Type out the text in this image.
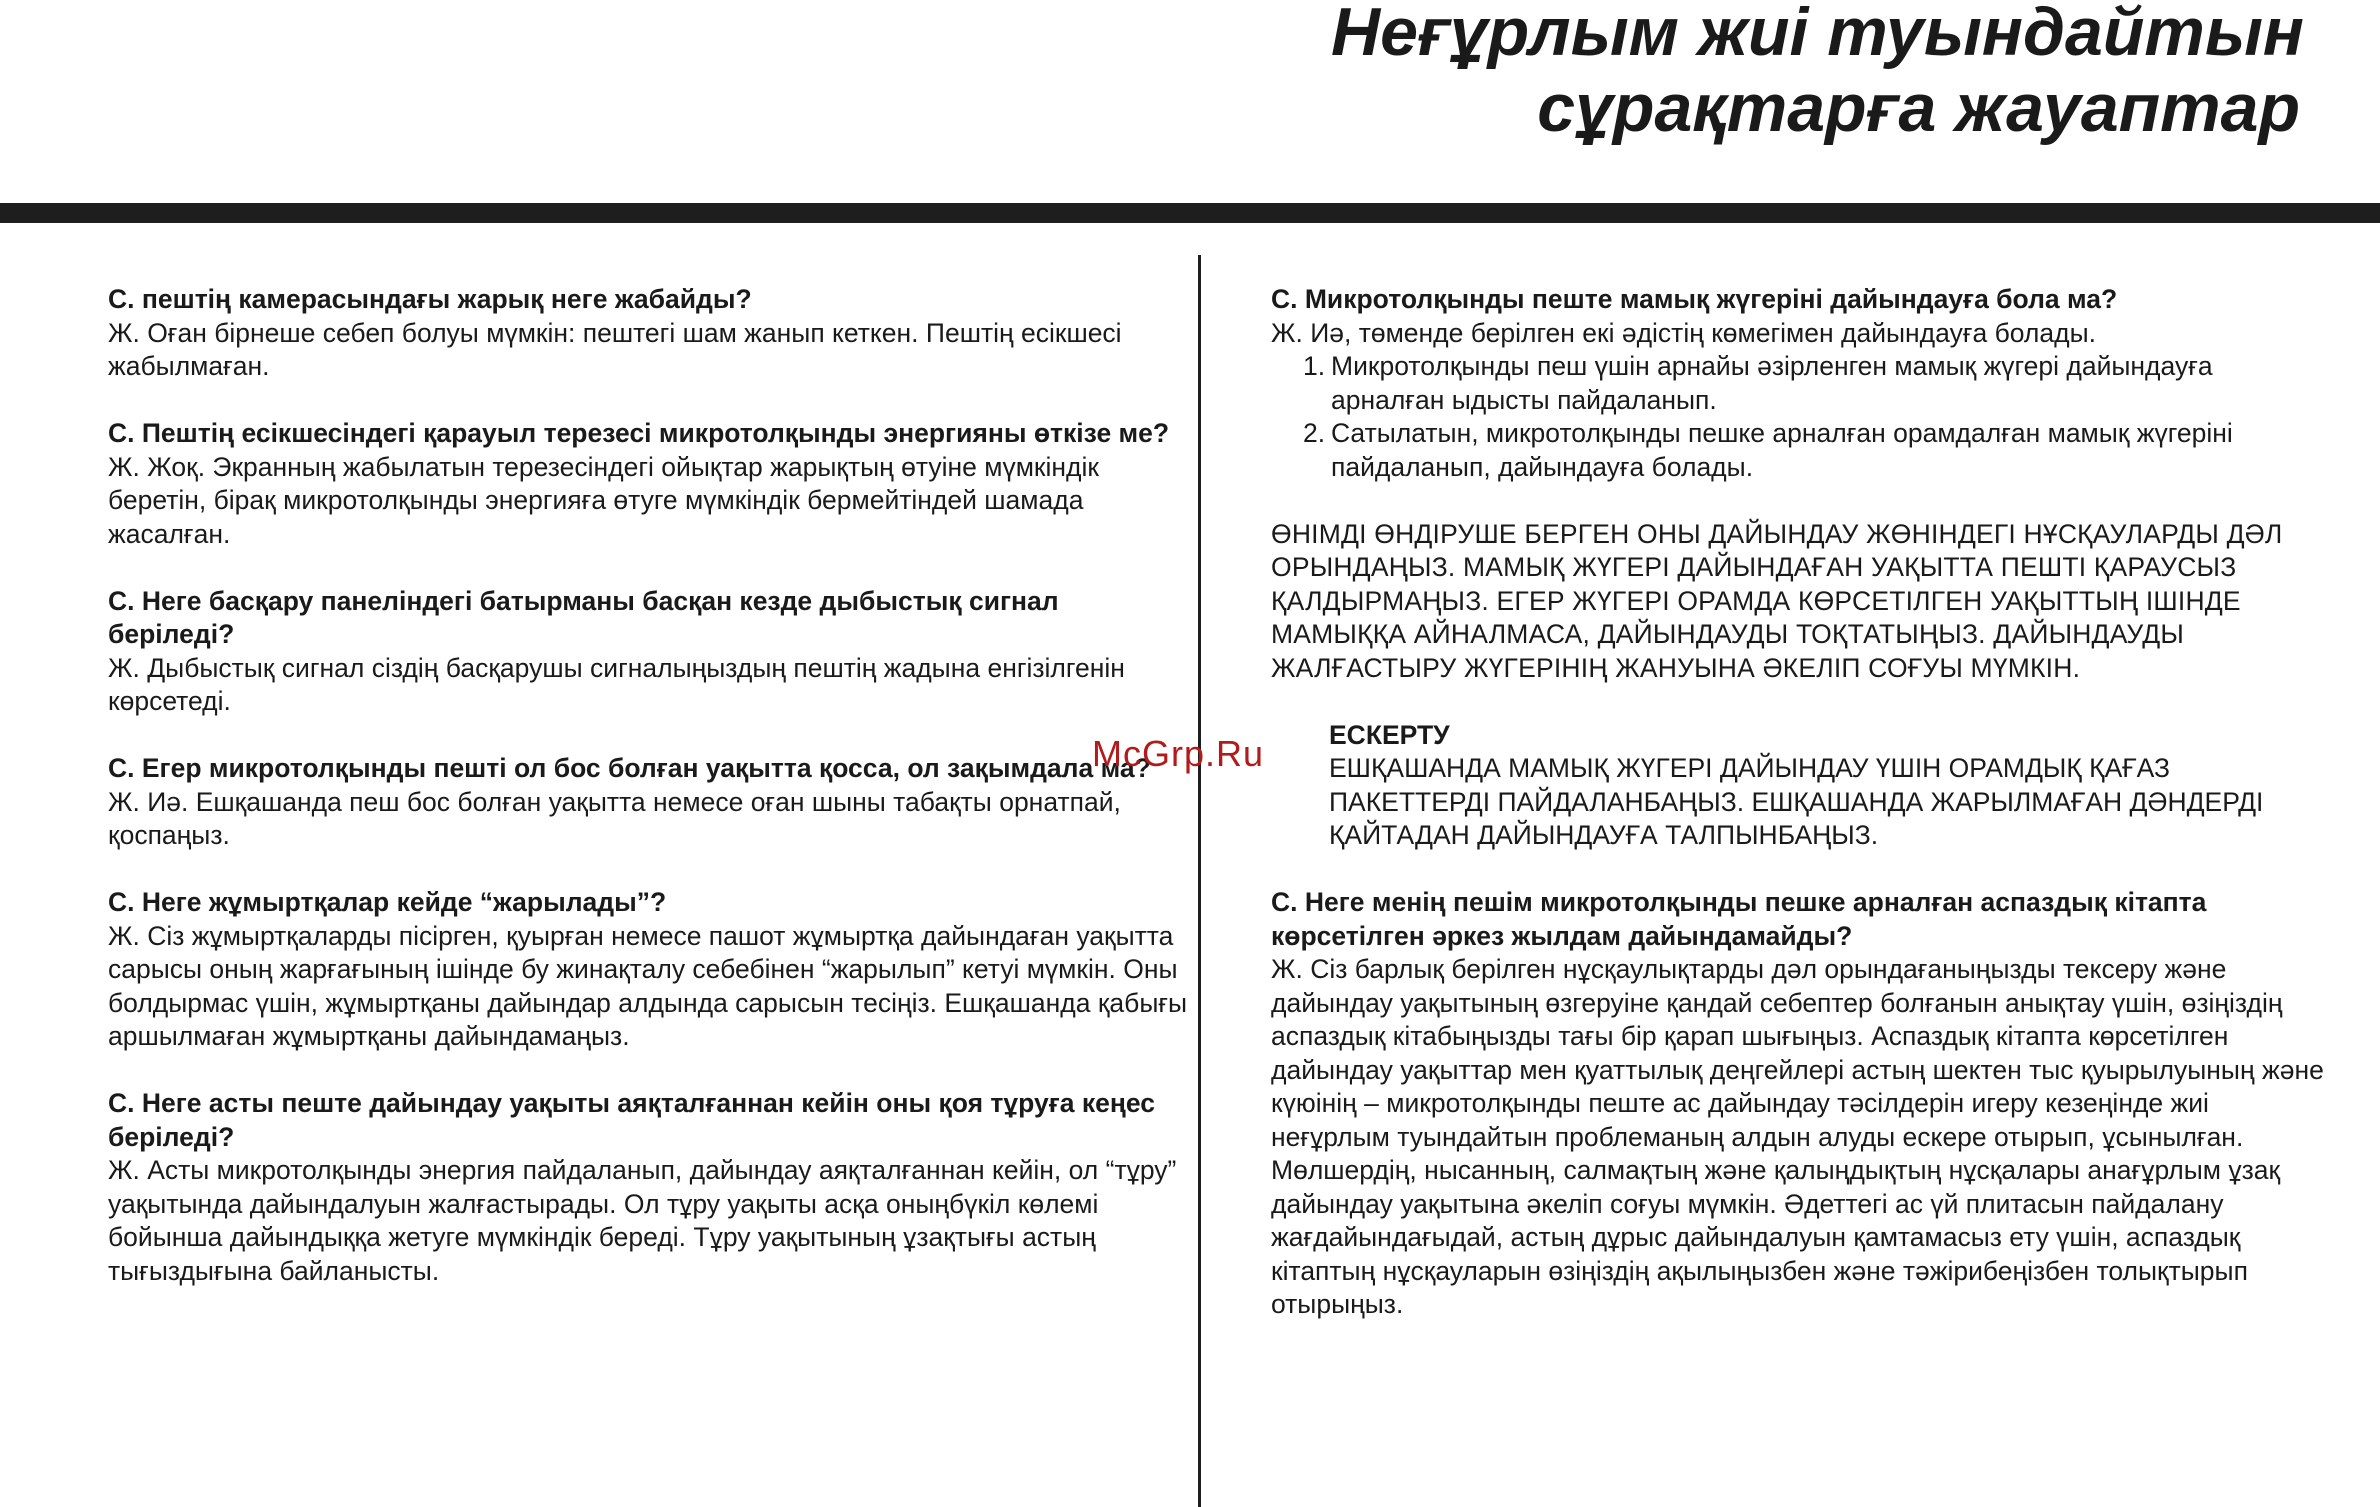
Неғұрлым жиі туындайтын
сұрақтарға жауаптар

С. пештің камерасындағы жарық неге жабайды?

Ж. Оған бірнеше себеп болуы мүмкін: пештегі шам жанып кеткен. Пештің есікшесі жабылмаған.

С. Пештің есікшесіндегі қарауыл терезесі микротолқынды энергияны өткізе ме?

Ж. Жоқ. Экранның жабылатын терезесіндегі ойықтар жарықтың өтуіне мүмкіндік беретін, бірақ микротолқынды энергияға өтуге мүмкіндік бермейтіндей шамада жасалған.

С. Неге басқару панеліндегі батырманы басқан кезде дыбыстық сигнал беріледі?

Ж. Дыбыстық сигнал сіздің басқарушы сигналыңыздың пештің жадына енгізілгенін көрсетеді.

С. Егер микротолқынды пешті ол бос болған уақытта қосса, ол зақымдала ма?

Ж. Иә. Ешқашанда пеш бос болған уақытта немесе оған шыны табақты орнатпай, қоспаңыз.

С. Неге жұмыртқалар кейде “жарылады”?

Ж. Сіз жұмыртқаларды пісірген, қуырған немесе пашот жұмыртқа дайындаған уақытта сарысы оның жарғағының ішінде бу жинақталу себебінен “жарылып” кетуі мүмкін. Оны болдырмас үшін, жұмыртқаны дайындар алдында сарысын тесіңіз. Ешқашанда қабығы аршылмаған жұмыртқаны дайындамаңыз.

С. Неге асты пеште дайындау уақыты аяқталғаннан кейін оны қоя тұруға кеңес беріледі?

Ж. Асты микротолқынды энергия пайдаланып, дайындау аяқталғаннан кейін, ол “тұру” уақытында дайындалуын жалғастырады. Ол тұру уақыты асқа оныңбүкіл көлемі бойынша дайындыққа жетуге мүмкіндік береді. Тұру уақытының ұзақтығы астың тығыздығына байланысты.

С. Микротолқынды пеште мамық жүгеріні дайындауға бола ма?

Ж. Иә, төменде берілген екі әдістің көмегімен дайындауға болады.

1. Микротолқынды пеш үшін арнайы әзірленген мамық жүгері дайындауға арналған ыдысты пайдаланып.
2. Сатылатын, микротолқынды пешке арналған орамдалған мамық жүгеріні пайдаланып, дайындауға болады.

ӨНІМДІ ӨНДІРУШЕ БЕРГЕН ОНЫ ДАЙЫНДАУ ЖӨНІНДЕГІ НҰСҚАУЛАРДЫ ДӘЛ ОРЫНДАҢЫЗ. МАМЫҚ ЖҮГЕРІ ДАЙЫНДАҒАН УАҚЫТТА ПЕШТІ ҚАРАУСЫЗ ҚАЛДЫРМАҢЫЗ. ЕГЕР ЖҮГЕРІ ОРАМДА КӨРСЕТІЛГЕН УАҚЫТТЫҢ ІШІНДЕ МАМЫҚҚА АЙНАЛМАСА, ДАЙЫНДАУДЫ ТОҚТАТЫҢЫЗ. ДАЙЫНДАУДЫ ЖАЛҒАСТЫРУ ЖҮГЕРІНІҢ ЖАНУЫНА ӘКЕЛІП СОҒУЫ МҮМКІН.

ЕСКЕРТУ

ЕШҚАШАНДА МАМЫҚ ЖҮГЕРІ ДАЙЫНДАУ ҮШІН ОРАМДЫҚ ҚАҒАЗ ПАКЕТТЕРДІ ПАЙДАЛАНБАҢЫЗ. ЕШҚАШАНДА ЖАРЫЛМАҒАН ДӘНДЕРДІ ҚАЙТАДАН ДАЙЫНДАУҒА ТАЛПЫНБАҢЫЗ.

С. Неге менің пешім микротолқынды пешке арналған аспаздық кітапта көрсетілген әркез жылдам дайындамайды?

Ж. Сіз барлық берілген нұсқаулықтарды дәл орындағаныңызды тексеру және дайындау уақытының өзгеруіне қандай себептер болғанын анықтау үшін, өзіңіздің аспаздық кітабыңызды тағы бір қарап шығыңыз. Аспаздық кітапта көрсетілген дайындау уақыттар мен қуаттылық деңгейлері астың шектен тыс қуырылуының және күюінің – микротолқынды пеште ас дайындау тәсілдерін игеру кезеңінде жиі неғұрлым туындайтын проблеманың алдын алуды ескере отырып, ұсынылған. Мөлшердің, нысанның, салмақтың және қалыңдықтың нұсқалары анағұрлым ұзақ дайындау уақытына әкеліп соғуы мүмкін. Әдеттегі ас үй плитасын пайдалану жағдайындағыдай, астың дұрыс дайындалуын қамтамасыз ету үшін, аспаздық кітаптың нұсқауларын өзіңіздің ақылыңызбен және тәжірибеңізбен толықтырып отырыңыз.

McGrp.Ru
